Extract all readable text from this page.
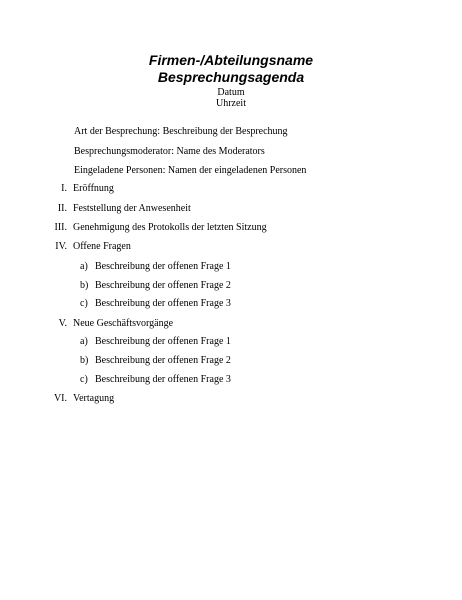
Firmen-/Abteilungsname
Besprechungsagenda
Datum
Uhrzeit
Art der Besprechung: Beschreibung der Besprechung
Besprechungsmoderator: Name des Moderators
Eingeladene Personen: Namen der eingeladenen Personen
I. Eröffnung
II. Feststellung der Anwesenheit
III. Genehmigung des Protokolls der letzten Sitzung
IV. Offene Fragen
a) Beschreibung der offenen Frage 1
b) Beschreibung der offenen Frage 2
c) Beschreibung der offenen Frage 3
V. Neue Geschäftsvorgänge
a) Beschreibung der offenen Frage 1
b) Beschreibung der offenen Frage 2
c) Beschreibung der offenen Frage 3
VI. Vertagung
